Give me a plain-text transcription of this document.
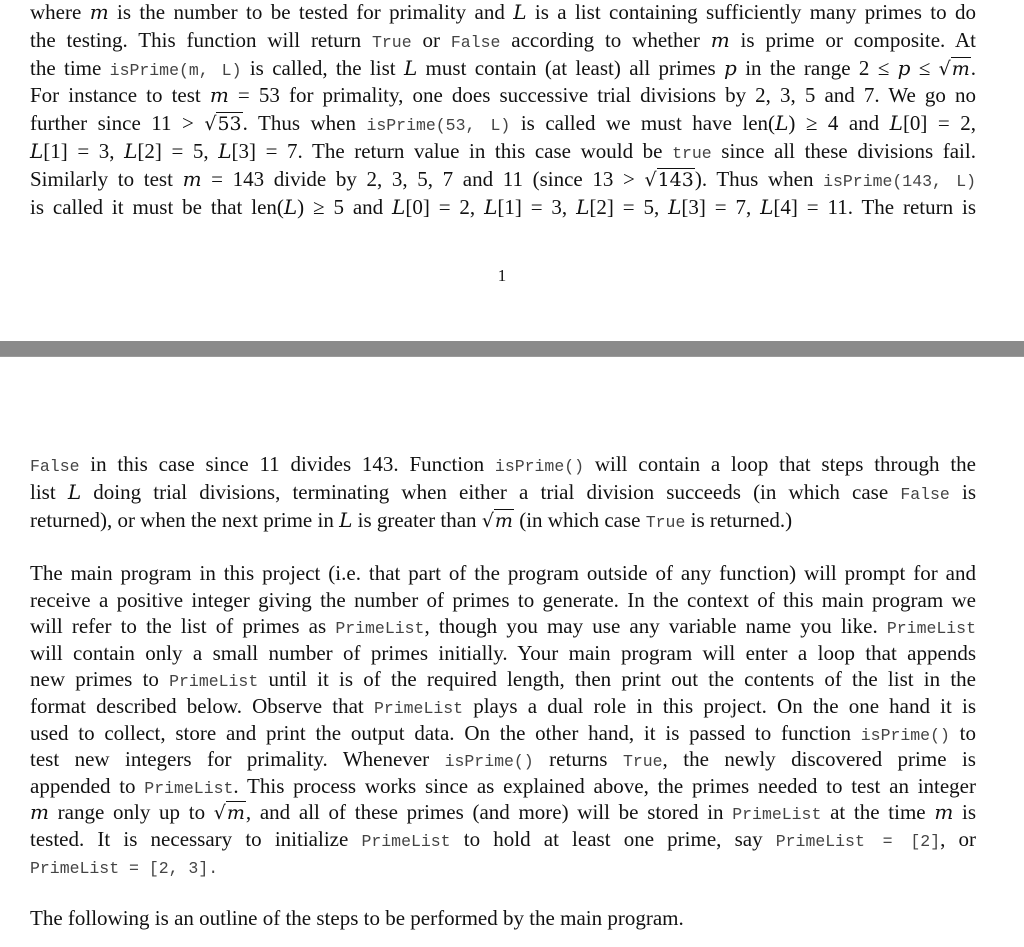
where m is the number to be tested for primality and L is a list containing sufficiently many primes to do
the testing. This function will return True or False according to whether m is prime or composite. At
the time isPrime(m, L) is called, the list L must contain (at least) all primes p in the range 2 ≤ p ≤ √m.
For instance to test m = 53 for primality, one does successive trial divisions by 2, 3, 5 and 7. We go no
further since 11 > √53. Thus when isPrime(53, L) is called we must have len(L) ≥ 4 and L[0] = 2,
L[1] = 3, L[2] = 5, L[3] = 7. The return value in this case would be true since all these divisions fail.
Similarly to test m = 143 divide by 2, 3, 5, 7 and 11 (since 13 > √143). Thus when isPrime(143, L)
is called it must be that len(L) ≥ 5 and L[0] = 2, L[1] = 3, L[2] = 5, L[3] = 7, L[4] = 11. The return is
1
False in this case since 11 divides 143. Function isPrime() will contain a loop that steps through the
list L doing trial divisions, terminating when either a trial division succeeds (in which case False is
returned), or when the next prime in L is greater than √m (in which case True is returned.)
The main program in this project (i.e. that part of the program outside of any function) will prompt for and
receive a positive integer giving the number of primes to generate. In the context of this main program we
will refer to the list of primes as PrimeList, though you may use any variable name you like. PrimeList
will contain only a small number of primes initially. Your main program will enter a loop that appends
new primes to PrimeList until it is of the required length, then print out the contents of the list in the
format described below. Observe that PrimeList plays a dual role in this project. On the one hand it is
used to collect, store and print the output data. On the other hand, it is passed to function isPrime() to
test new integers for primality. Whenever isPrime() returns True, the newly discovered prime is
appended to PrimeList. This process works since as explained above, the primes needed to test an integer
m range only up to √m, and all of these primes (and more) will be stored in PrimeList at the time m is
tested. It is necessary to initialize PrimeList to hold at least one prime, say PrimeList = [2], or
PrimeList = [2, 3].
The following is an outline of the steps to be performed by the main program.
